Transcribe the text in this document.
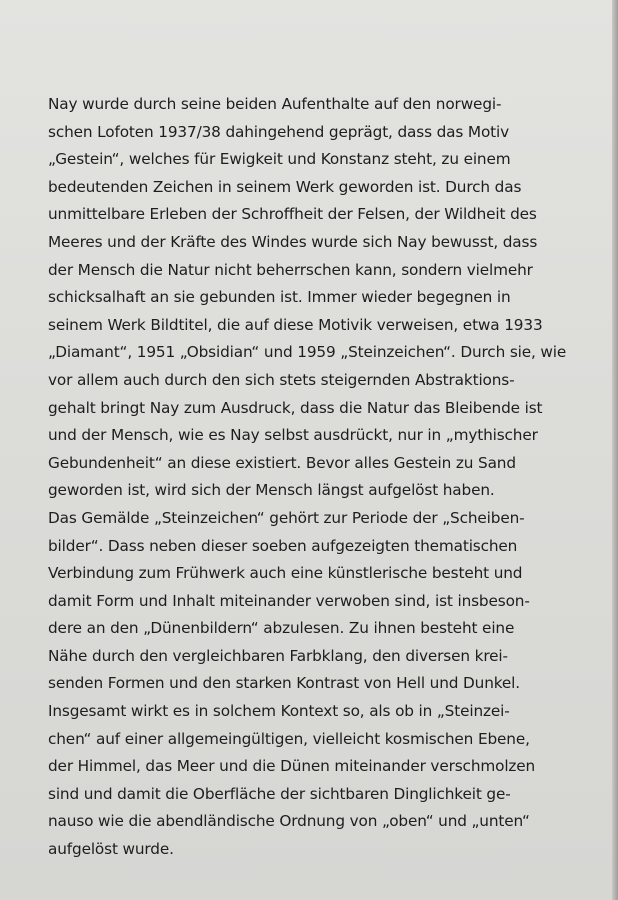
Nay wurde durch seine beiden Aufenthalte auf den norwegi-
schen Lofoten 1937/38 dahingehend geprägt, dass das Motiv
„Gestein“, welches für Ewigkeit und Konstanz steht, zu einem
bedeutenden Zeichen in seinem Werk geworden ist. Durch das
unmittelbare Erleben der Schroffheit der Felsen, der Wildheit des
Meeres und der Kräfte des Windes wurde sich Nay bewusst, dass
der Mensch die Natur nicht beherrschen kann, sondern vielmehr
schicksalhaft an sie gebunden ist. Immer wieder begegnen in
seinem Werk Bildtitel, die auf diese Motivik verweisen, etwa 1933
„Diamant“, 1951 „Obsidian“ und 1959 „Steinzeichen“. Durch sie, wie
vor allem auch durch den sich stets steigernden Abstraktions-
gehalt bringt Nay zum Ausdruck, dass die Natur das Bleibende ist
und der Mensch, wie es Nay selbst ausdrückt, nur in „mythischer
Gebundenheit“ an diese existiert. Bevor alles Gestein zu Sand
geworden ist, wird sich der Mensch längst aufgelöst haben.
Das Gemälde „Steinzeichen“ gehört zur Periode der „Scheiben-
bilder“. Dass neben dieser soeben aufgezeigten thematischen
Verbindung zum Frühwerk auch eine künstlerische besteht und
damit Form und Inhalt miteinander verwoben sind, ist insbeson-
dere an den „Dünenbildern“ abzulesen. Zu ihnen besteht eine
Nähe durch den vergleichbaren Farbklang, den diversen krei-
senden Formen und den starken Kontrast von Hell und Dunkel.
Insgesamt wirkt es in solchem Kontext so, als ob in „Steinzei-
chen“ auf einer allgemeingültigen, vielleicht kosmischen Ebene,
der Himmel, das Meer und die Dünen miteinander verschmolzen
sind und damit die Oberfläche der sichtbaren Dinglichkeit ge-
nauso wie die abendländische Ordnung von „oben“ und „unten“
aufgelöst wurde.
